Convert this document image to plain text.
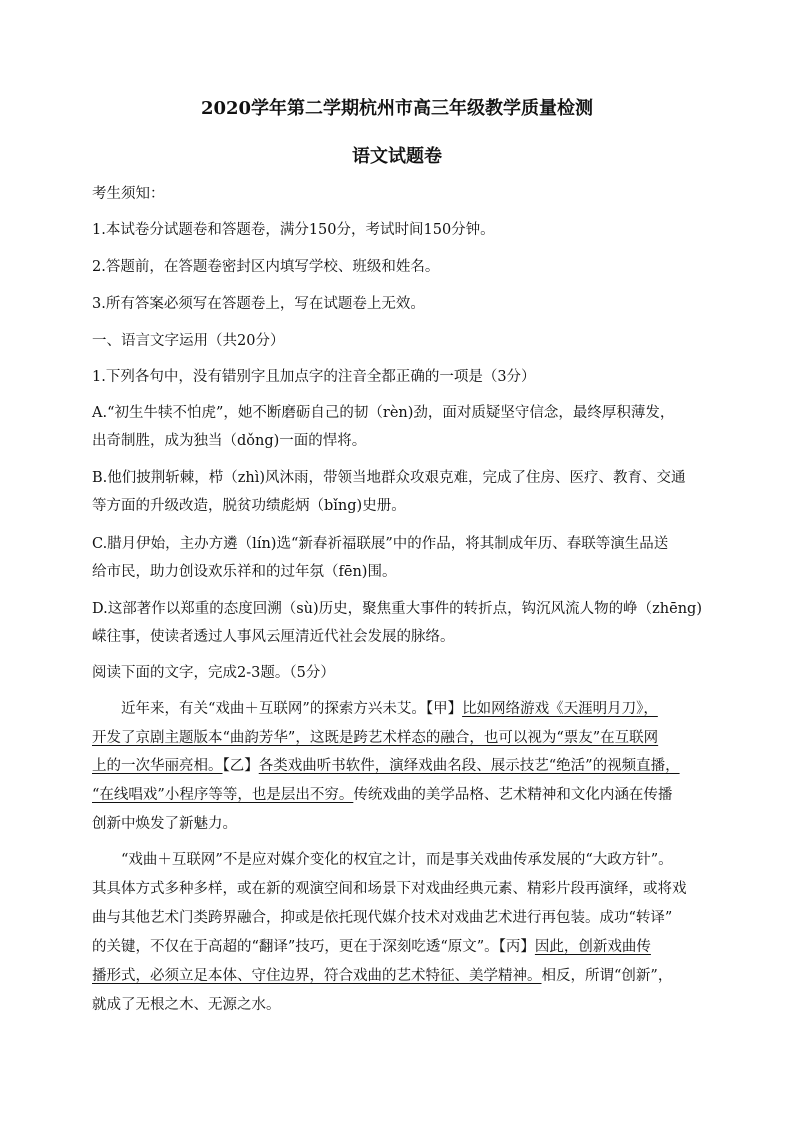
2020学年第二学期杭州市高三年级教学质量检测
语文试题卷
考生须知：
1.本试卷分试题卷和答题卷，满分150分，考试时间150分钟。
2.答题前，在答题卷密封区内填写学校、班级和姓名。
3.所有答案必须写在答题卷上，写在试题卷上无效。
一、语言文字运用（共20分）
1.下列各句中，没有错别字且加点字的注音全都正确的一项是（3分）
A.“初生牛犊不怕虎”，她不断磨砺自己的韧（rèn)劲，面对质疑坚守信念，最终厚积薄发，
出奇制胜，成为独当（dǒng)一面的悍将。
B.他们披荆斩棘，栉（zhì)风沐雨，带领当地群众攻艰克难，完成了住房、医疗、教育、交通
等方面的升级改造，脱贫功绩彪炳（bǐng)史册。
C.腊月伊始，主办方遴（lín)选“新春祈福联展”中的作品，将其制成年历、春联等演生品送
给市民，助力创设欢乐祥和的过年氛（fēn)围。
D.这部著作以郑重的态度回溯（sù)历史，聚焦重大事件的转折点，钩沉风流人物的峥（zhēng)
嵘往事，使读者透过人事风云厘清近代社会发展的脉络。
阅读下面的文字，完成2-3题。（5分）
近年来，有关“戏曲＋互联网”的探索方兴未艾。【甲】比如网络游戏《天涯明月刀》，
开发了京剧主题版本“曲韵芳华”，这既是跨艺术样态的融合，也可以视为“票友”在互联网
上的一次华丽亮相。【乙】各类戏曲听书软件，演绎戏曲名段、展示技艺“绝活”的视频直播，
“在线唱戏”小程序等等，也是层出不穷。传统戏曲的美学品格、艺术精神和文化内涵在传播
创新中焕发了新魅力。
“戏曲＋互联网”不是应对媒介变化的权宜之计，而是事关戏曲传承发展的“大政方针”。
其具体方式多种多样，或在新的观演空间和场景下对戏曲经典元素、精彩片段再演绎，或将戏
曲与其他艺术门类跨界融合，抑或是依托现代媒介技术对戏曲艺术进行再包装。成功“转译”
的关键，不仅在于高超的“翻译”技巧，更在于深刻吃透“原文”。【丙】因此，创新戏曲传
播形式，必须立足本体、守住边界，符合戏曲的艺术特征、美学精神。相反，所谓“创新”，
就成了无根之木、无源之水。
